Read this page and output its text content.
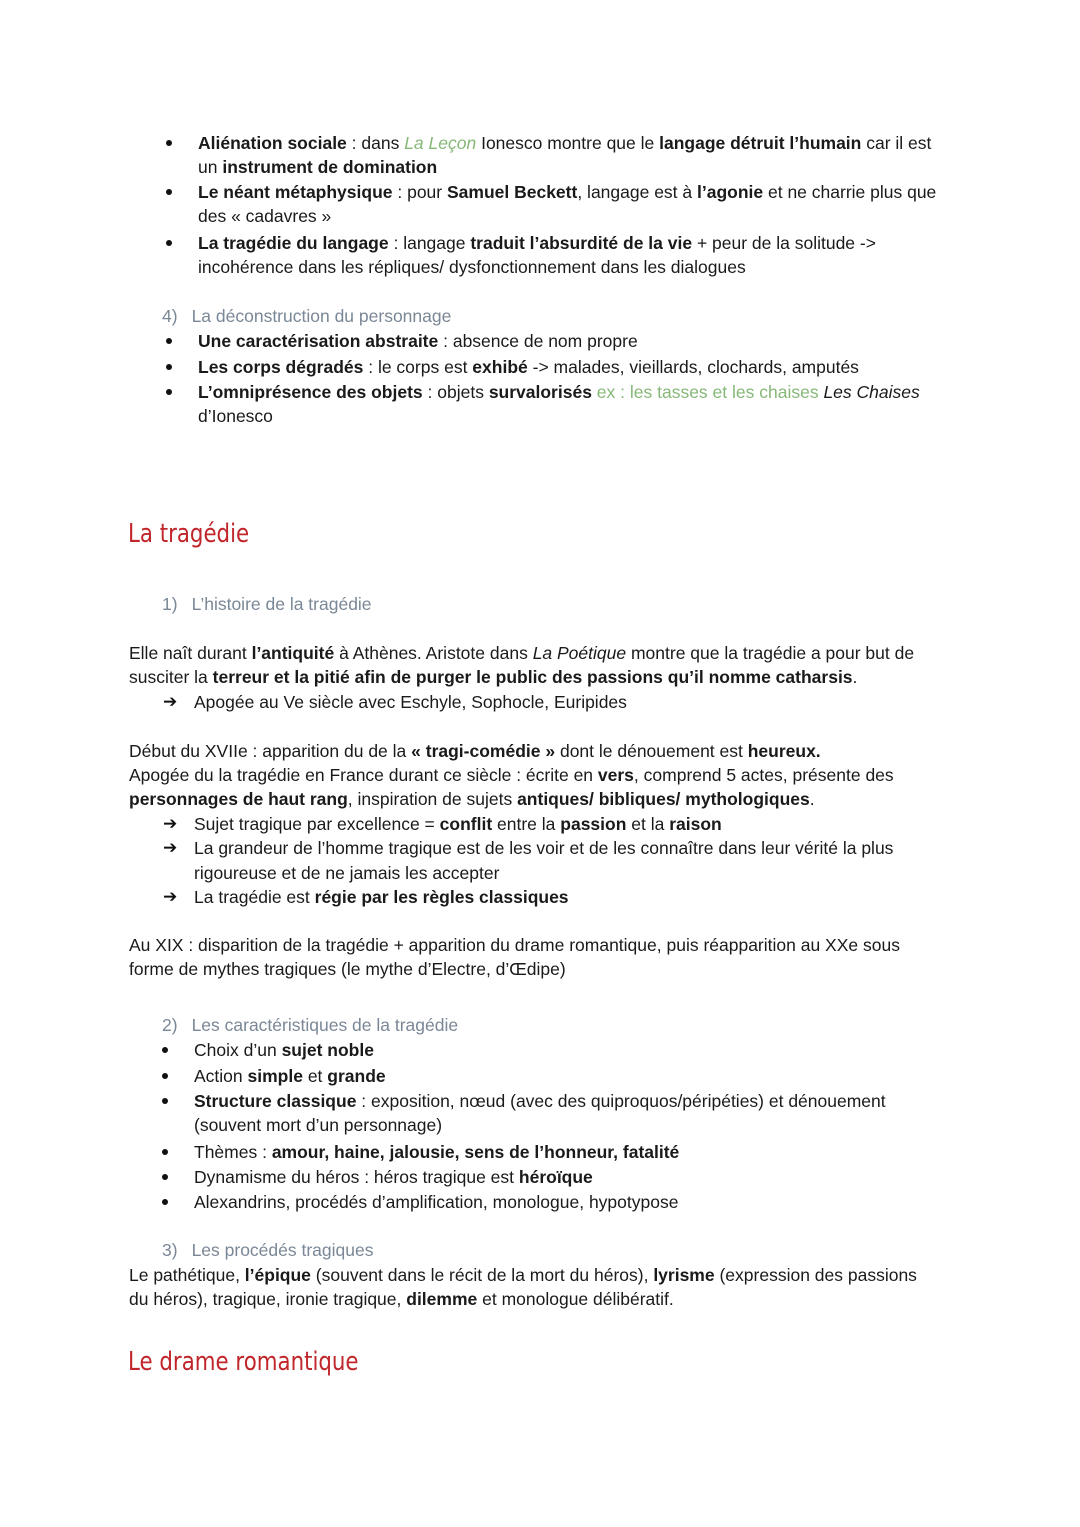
Aliénation sociale : dans La Leçon Ionesco montre que le langage détruit l’humain car il est
un instrument de domination
Le néant métaphysique : pour Samuel Beckett, langage est à l’agonie et ne charrie plus que
des « cadavres »
La tragédie du langage : langage traduit l’absurdité de la vie + peur de la solitude ->
incohérence dans les répliques/ dysfonctionnement dans les dialogues
4) La déconstruction du personnage
Une caractérisation abstraite : absence de nom propre
Les corps dégradés : le corps est exhibé -> malades, vieillards, clochards, amputés
L’omniprésence des objets : objets survalorisés ex : les tasses et les chaises Les Chaises
d’Ionesco
La tragédie
1) L’histoire de la tragédie
Elle naît durant l’antiquité à Athènes. Aristote dans La Poétique montre que la tragédie a pour but de
susciter la terreur et la pitié afin de purger le public des passions qu’il nomme catharsis.
➔ Apogée au Ve siècle avec Eschyle, Sophocle, Euripides
Début du XVIIe : apparition du de la « tragi-comédie » dont le dénouement est heureux.
Apogée du la tragédie en France durant ce siècle : écrite en vers, comprend 5 actes, présente des
personnages de haut rang, inspiration de sujets antiques/ bibliques/ mythologiques.
➔ Sujet tragique par excellence = conflit entre la passion et la raison
➔ La grandeur de l’homme tragique est de les voir et de les connaître dans leur vérité la plus
rigoureuse et de ne jamais les accepter
➔ La tragédie est régie par les règles classiques
Au XIX : disparition de la tragédie + apparition du drame romantique, puis réapparition au XXe sous
forme de mythes tragiques (le mythe d’Electre, d’Œdipe)
2) Les caractéristiques de la tragédie
Choix d’un sujet noble
Action simple et grande
Structure classique : exposition, nœud (avec des quiproquos/péripéties) et dénouement
(souvent mort d’un personnage)
Thèmes : amour, haine, jalousie, sens de l’honneur, fatalité
Dynamisme du héros : héros tragique est héroïque
Alexandrins, procédés d’amplification, monologue, hypotypose
3) Les procédés tragiques
Le pathétique, l’épique (souvent dans le récit de la mort du héros), lyrisme (expression des passions
du héros), tragique, ironie tragique, dilemme et monologue délibératif.
Le drame romantique
